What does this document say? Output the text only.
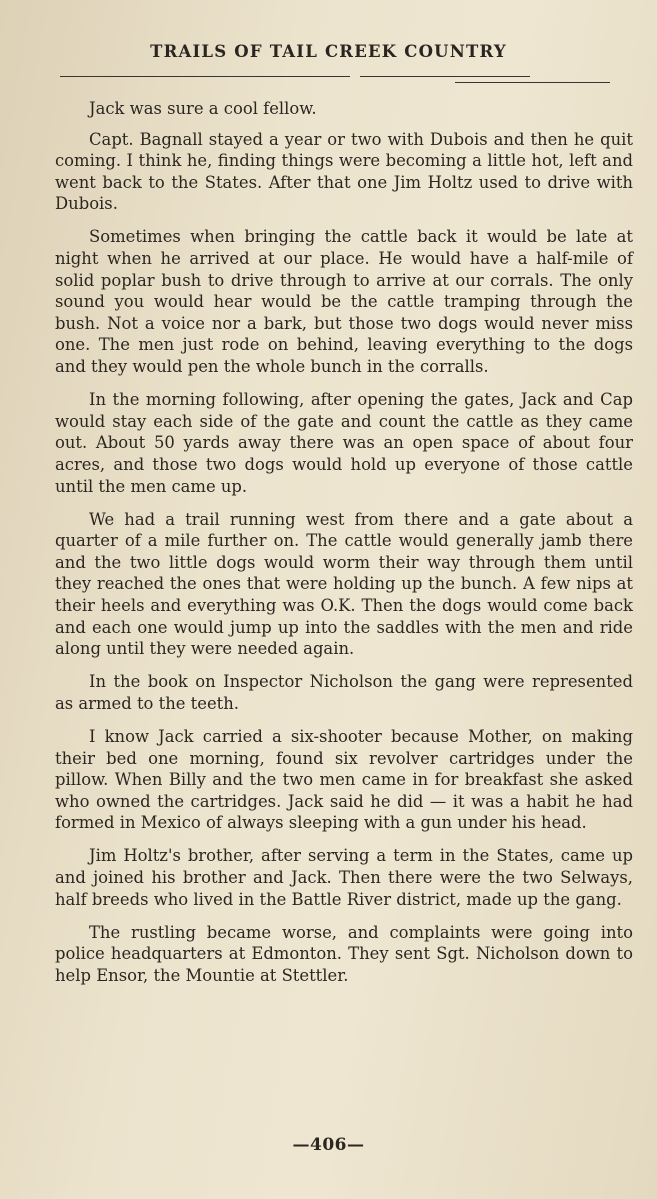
TRAILS OF TAIL CREEK COUNTRY

Jack was sure a cool fellow.

Capt. Bagnall stayed a year or two with Dubois and then he quit coming. I think he, finding things were becoming a little hot, left and went back to the States. After that one Jim Holtz used to drive with Dubois.

Sometimes when bringing the cattle back it would be late at night when he arrived at our place. He would have a half-mile of solid poplar bush to drive through to arrive at our corrals. The only sound you would hear would be the cattle tramping through the bush. Not a voice nor a bark, but those two dogs would never miss one. The men just rode on behind, leaving everything to the dogs and they would pen the whole bunch in the corralls.

In the morning following, after opening the gates, Jack and Cap would stay each side of the gate and count the cattle as they came out. About 50 yards away there was an open space of about four acres, and those two dogs would hold up everyone of those cattle until the men came up.

We had a trail running west from there and a gate about a quarter of a mile further on. The cattle would generally jamb there and the two little dogs would worm their way through them until they reached the ones that were holding up the bunch. A few nips at their heels and everything was O.K. Then the dogs would come back and each one would jump up into the saddles with the men and ride along until they were needed again.

In the book on Inspector Nicholson the gang were represented as armed to the teeth.

I know Jack carried a six-shooter because Mother, on making their bed one morning, found six revolver cartridges under the pillow. When Billy and the two men came in for breakfast she asked who owned the cartridges. Jack said he did — it was a habit he had formed in Mexico of always sleeping with a gun under his head.

Jim Holtz's brother, after serving a term in the States, came up and joined his brother and Jack. Then there were the two Selways, half breeds who lived in the Battle River district, made up the gang.

The rustling became worse, and complaints were going into police headquarters at Edmonton. They sent Sgt. Nicholson down to help Ensor, the Mountie at Stettler.

—406—
